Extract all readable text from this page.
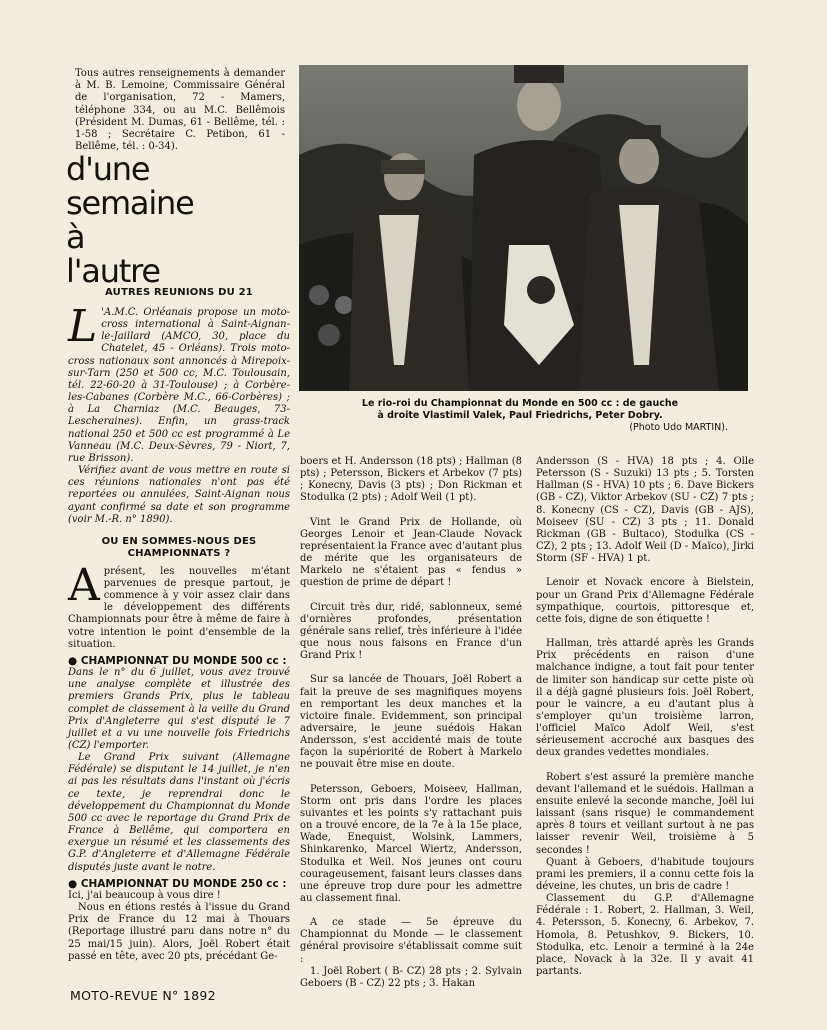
Tous autres renseignements à demander à M. B. Lemoine, Commissaire Général de l'organisation, 72 - Mamers, téléphone 334, ou au M.C. Bellêmois (Président M. Dumas, 61 - Bellême, tél. : 1-58 ; Secrétaire C. Petibon, 61 - Bellême, tél. : 0-34).
d'une
semaine
à
l'autre
AUTRES REUNIONS DU 21

L 'A.M.C. Orléanais propose un moto-cross international à Saint-Aignan-le-Jaillard (AMCO, 30, place du Chatelet, 45 - Orléans). Trois moto-cross nationaux sont annoncés à Mirepoix-sur-Tarn (250 et 500 cc, M.C. Toulousain, tél. 22-60-20 à 31-Toulouse) ; à Corbère-les-Cabanes (Corbère M.C., 66-Corbères) ; à La Charniaz (M.C. Beauges, 73-Lescheraines). Enfin, un grass-track national 250 et 500 cc est programmé à Le Vanneau (M.C. Deux-Sèvres, 79 - Niort, 7, rue Brisson).

Vérifiez avant de vous mettre en route si ces réunions nationales n'ont pas été reportées ou annulées, Saint-Aignan nous ayant confirmé sa date et son programme (voir M.-R. n° 1890).

OU EN SOMMES-NOUS DES CHAMPIONNATS ?

Aprésent, les nouvelles m'étant parvenues de presque partout, je commence à y voir assez clair dans le développement des différents Championnats pour être à même de faire à votre intention le point d'ensemble de la situation.

● CHAMPIONNAT DU MONDE 500 cc :

Dans le n° du 6 juillet, vous avez trouvé une analyse complète et illustrée des premiers Grands Prix, plus le tableau complet de classement à la veille du Grand Prix d'Angleterre qui s'est disputé le 7 juillet et a vu une nouvelle fois Friedrichs (CZ) l'emporter.

Le Grand Prix suivant (Allemagne Fédérale) se disputant le 14 juillet, je n'en ai pas les résultats dans l'instant où j'écris ce texte, je reprendrai donc le développement du Championnat du Monde 500 cc avec le reportage du Grand Prix de France à Bellême, qui comportera en exergue un résumé et les classements des G.P. d'Angleterre et d'Allemagne Fédérale disputés juste avant le notre.

● CHAMPIONNAT DU MONDE 250 cc :

Ici, j'ai beaucoup à vous dire !

Nous en étions restés à l'issue du Grand Prix de France du 12 mai à Thouars (Reportage illustré paru dans notre n° du 25 mai/15 juin). Alors, Joël Robert était passé en tête, avec 20 pts, précédant Ge-

Le rio-roi du Championnat du Monde en 500 cc : de gauche
à droite Vlastimil Valek, Paul Friedrichs, Peter Dobry.
(Photo Udo MARTIN).

boers et H. Andersson (18 pts) ; Hallman (8 pts) ; Petersson, Bickers et Arbekov (7 pts) ; Konecny, Davis (3 pts) ; Don Rickman et Stodulka (2 pts) ; Adolf Weil (1 pt).

Vint le Grand Prix de Hollande, où Georges Lenoir et Jean-Claude Novack représentaient la France avec d'autant plus de mérite que les organisateurs de Markelo ne s'étaient pas « fendus » question de prime de départ !

Circuit très dur, ridé, sablonneux, semé d'ornières profondes, présentation générale sans relief, très inférieure à l'idée que nous nous faisons en France d'un Grand Prix !

Sur sa lancée de Thouars, Joël Robert a fait la preuve de ses magnifiques moyens en remportant les deux manches et la victoire finale. Evidemment, son principal adversaire, le jeune suédois Hakan Andersson, s'est accidenté mais de toute façon la supériorité de Robert à Markelo ne pouvait être mise en doute.

Petersson, Geboers, Moiseev, Hallman, Storm ont pris dans l'ordre les places suivantes et les points s'y rattachant puis on a trouvé encore, de la 7e à la 15e place, Wade, Enequist, Wolsink, Lammers, Shinkarenko, Marcel Wiertz, Andersson, Stodulka et Weil. Nos jeunes ont couru courageusement, faisant leurs classes dans une épreuve trop dure pour les admettre au classement final.

A ce stade — 5e épreuve du Championnat du Monde — le classement général provisoire s'établissait comme suit :

1. Joël Robert ( B- CZ) 28 pts ; 2. Sylvain Geboers (B - CZ) 22 pts ; 3. Hakan

Andersson (S - HVA) 18 pts ; 4. Olle Petersson (S - Suzuki) 13 pts ; 5. Torsten Hallman (S - HVA) 10 pts ; 6. Dave Bickers (GB - CZ), Viktor Arbekov (SU - CZ) 7 pts ; 8. Konecny (CS - CZ), Davis (GB - AJS), Moiseev (SU - CZ) 3 pts ; 11. Donald Rickman (GB - Bultaco), Stodulka (CS - CZ), 2 pts ; 13. Adolf Weil (D - Maïco), Jirki Storm (SF - HVA) 1 pt.

Lenoir et Novack encore à Bielstein, pour un Grand Prix d'Allemagne Fédérale sympathique, courtois, pittoresque et, cette fois, digne de son étiquette !

Hallman, très attardé après les Grands Prix précédents en raison d'une malchance indigne, a tout fait pour tenter de limiter son handicap sur cette piste où il a déjà gagné plusieurs fois. Joël Robert, pour le vaincre, a eu d'autant plus à s'employer qu'un troisième larron, l'officiel Maïco Adolf Weil, s'est sérieusement accroché aux basques des deux grandes vedettes mondiales.

Robert s'est assuré la première manche devant l'allemand et le suédois. Hallman a ensuite enlevé la seconde manche, Joël lui laissant (sans risque) le commandement après 8 tours et veillant surtout à ne pas laisser revenir Weil, troisième à 5 secondes !

Quant à Geboers, d'habitude toujours prami les premiers, il a connu cette fois la déveine, les chutes, un bris de cadre !

Classement du G.P. d'Allemagne Fédérale : 1. Robert, 2. Hallman, 3. Weil, 4. Petersson, 5. Konecny, 6. Arbekov, 7. Homola, 8. Petushkov, 9. Bickers, 10. Stodulka, etc. Lenoir a terminé à la 24e place, Novack à la 32e. Il y avait 41 partants.

MOTO-REVUE N° 1892
